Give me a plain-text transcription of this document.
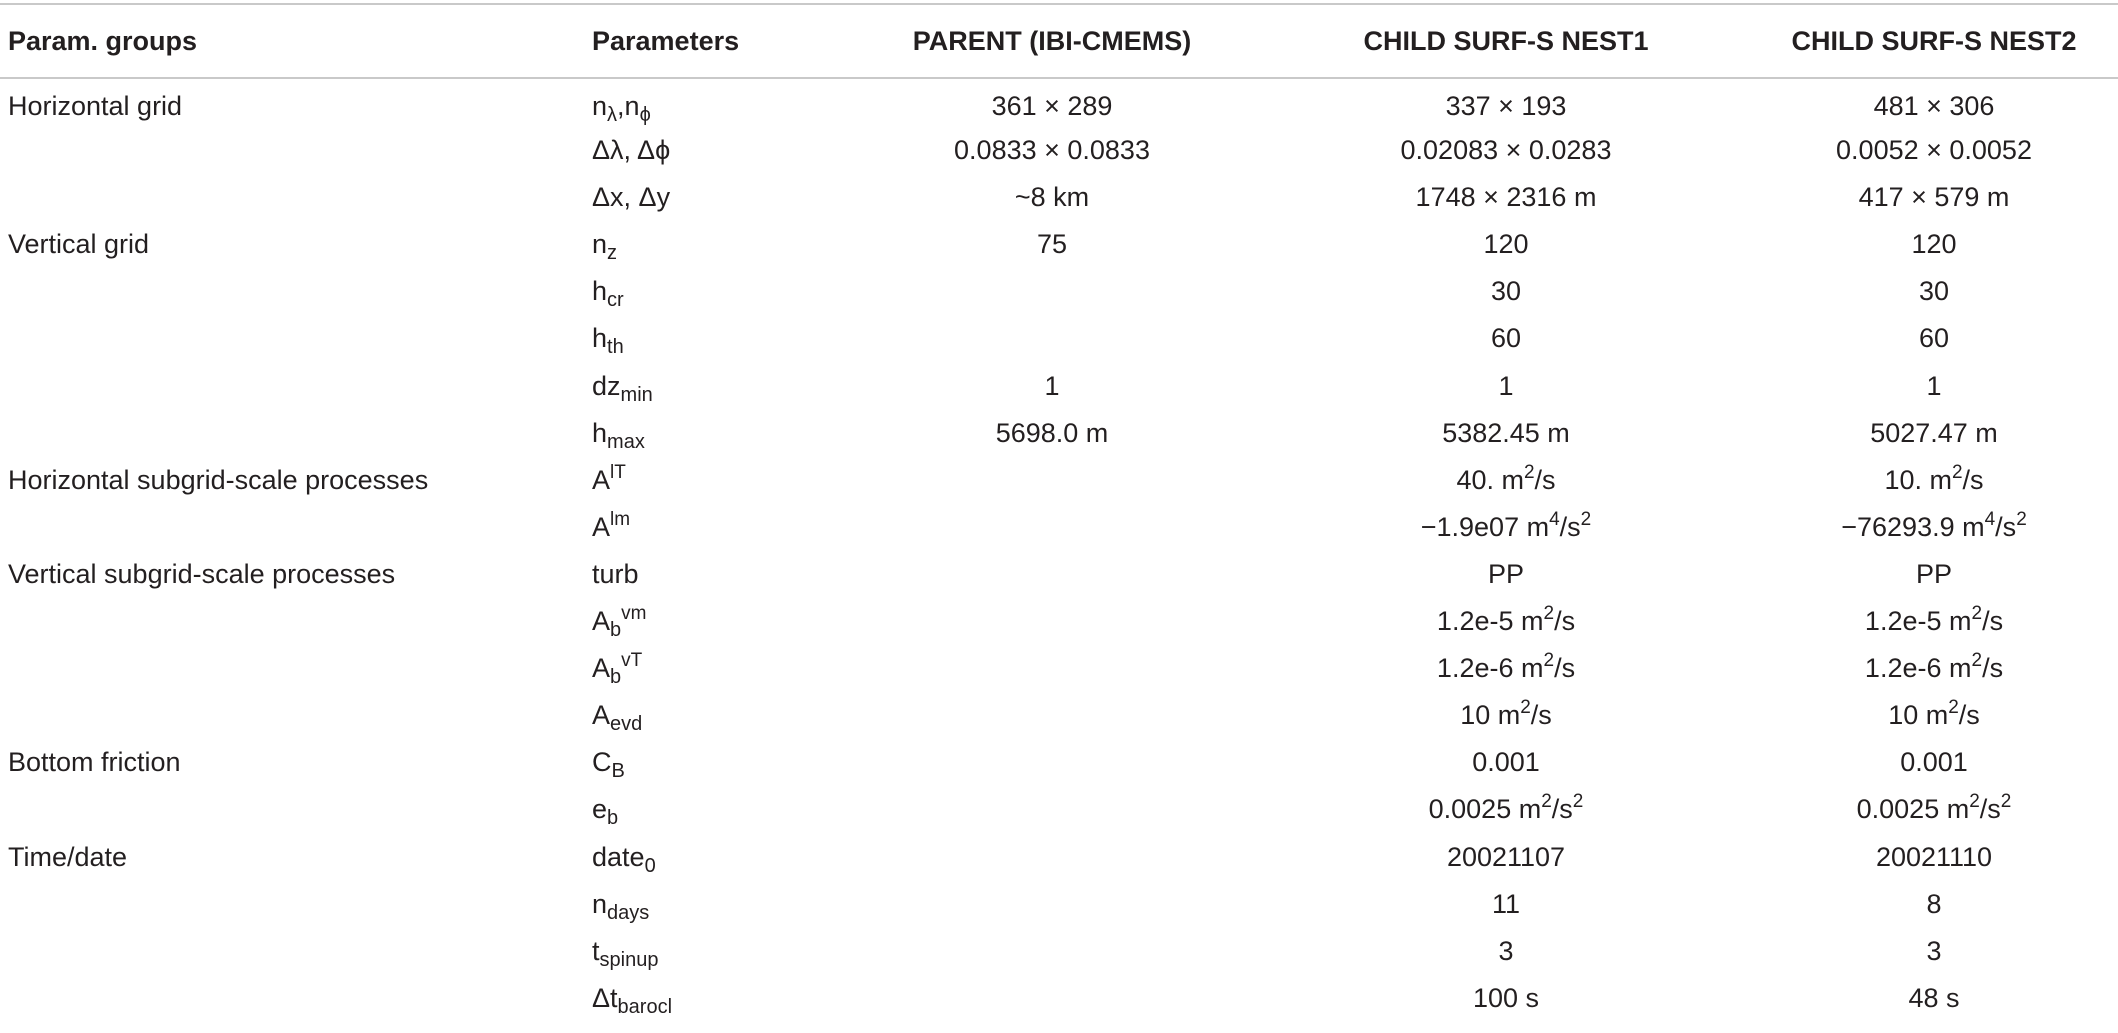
Param. groups	Parameters	PARENT (IBI-CMEMS)	CHILD SURF-S NEST1	CHILD SURF-S NEST2
Horizontal grid	$n_\lambda,n_\phi$	361 × 289	337 × 193	481 × 306
	Δλ, Δϕ	0.0833 × 0.0833	0.02083 × 0.0283	0.0052 × 0.0052
	Δx, Δy	~8 km	1748 × 2316 m	417 × 579 m
Vertical grid	$n_z$	75	120	120
	$h_{cr}$		30	30
	$h_{th}$		60	60
	$dz_{min}$	1	1	1
	$h_{max}$	5698.0 m	5382.45 m	5027.47 m
Horizontal subgrid-scale processes	$A^{lT}$		40. $m^2/s$	10. $m^2/s$
	$A^{lm}$		−1.9e07 $m^4/s^2$	−76293.9 $m^4/s^2$
Vertical subgrid-scale processes	turb		PP	PP
	$A_b^{vm}$		1.2e-5 $m^2/s$	1.2e-5 $m^2/s$
	$A_b^{vT}$		1.2e-6 $m^2/s$	1.2e-6 $m^2/s$
	$A_{evd}$		10 $m^2/s$	10 $m^2/s$
Bottom friction	$C_B$		0.001	0.001
	$e_b$		0.0025 $m^2/s^2$	0.0025 $m^2/s^2$
Time/date	date$_0$		20021107	20021110
	$n_{days}$		11	8
	$t_{spinup}$		3	3
	$\Delta t_{barocl}$		100 s	48 s
